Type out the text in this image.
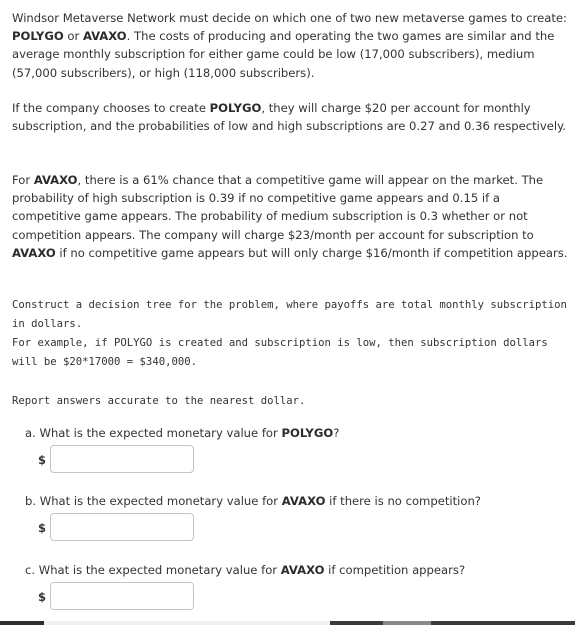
Windsor Metaverse Network must decide on which one of two new metaverse games to create: POLYGO or AVAXO. The costs of producing and operating the two games are similar and the average monthly subscription for either game could be low (17,000 subscribers), medium (57,000 subscribers), or high (118,000 subscribers).

If the company chooses to create POLYGO, they will charge $20 per account for monthly subscription, and the probabilities of low and high subscriptions are 0.27 and 0.36 respectively.

For AVAXO, there is a 61% chance that a competitive game will appear on the market. The probability of high subscription is 0.39 if no competitive game appears and 0.15 if a competitive game appears. The probability of medium subscription is 0.3 whether or not competition appears. The company will charge $23/month per account for subscription to AVAXO if no competitive game appears but will only charge $16/month if competition appears.

Construct a decision tree for the problem, where payoffs are total monthly subscription in dollars.
For example, if POLYGO is created and subscription is low, then subscription dollars will be $20*17000 = $340,000.

Report answers accurate to the nearest dollar.

a. What is the expected monetary value for POLYGO?

$

b. What is the expected monetary value for AVAXO if there is no competition?

$

c. What is the expected monetary value for AVAXO if competition appears?

$
